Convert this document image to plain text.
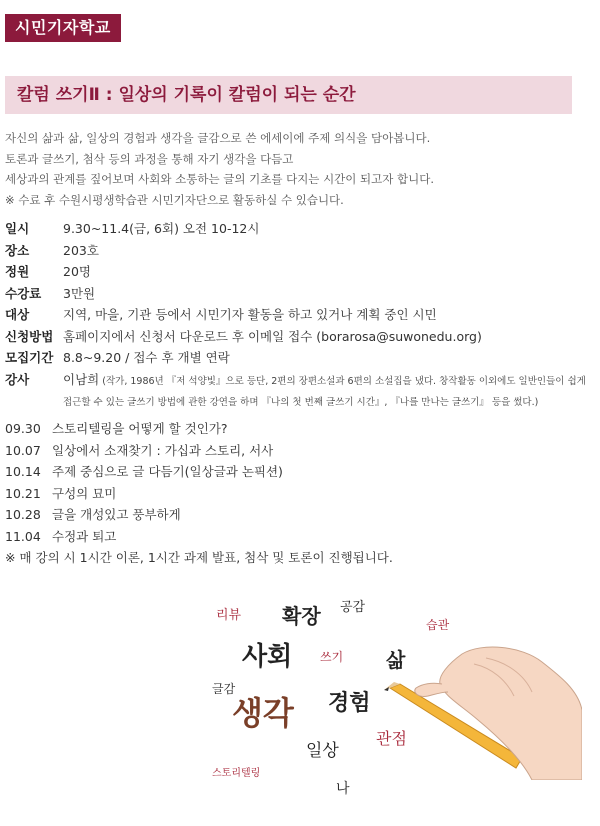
시민기자학교
칼럼 쓰기Ⅱ : 일상의 기록이 칼럼이 되는 순간
자신의 삶과 삶, 일상의 경험과 생각을 글감으로 쓴 에세이에 주제 의식을 담아봅니다.
토론과 글쓰기, 첨삭 등의 과정을 통해 자기 생각을 다듬고
세상과의 관계를 짚어보며 사회와 소통하는 글의 기초를 다지는 시간이 되고자 합니다.
※ 수료 후 수원시평생학습관 시민기자단으로 활동하실 수 있습니다.
일시	9.30~11.4(금, 6회) 오전 10-12시
장소	203호
정원	20명
수강료 3만원
대상	지역, 마을, 기관 등에서 시민기자 활동을 하고 있거나 계획 중인 시민
신청방법 홈페이지에서 신청서 다운로드 후 이메일 접수 (borarosa@suwonedu.org)
모집기간 8.8~9.20 / 접수 후 개별 연락
강사	이남희 (작가, 1986년 『저 석양빛』으로 등단, 2편의 장편소설과 6편의 소설집을 냈다. 창작활동 이외에도 일반인들이 쉽게
접근할 수 있는 글쓰기 방법에 관한 강연을 하며 『나의 첫 번째 글쓰기 시간』, 『나를 만나는 글쓰기』 등을 썼다.)
09.30 스토리텔링을 어떻게 할 것인가?
10.07 일상에서 소재찾기 : 가십과 스토리, 서사
10.14 주제 중심으로 글 다듬기(일상글과 논픽션)
10.21 구성의 묘미
10.28 글을 개성있고 풍부하게
11.04 수정과 퇴고
※ 매 강의 시 1시간 이론, 1시간 과제 발표, 첨삭 및 토론이 진행됩니다.
리뷰 확장 공감
습관
사회 쓰기 삶
글감
생각 경험
관점
일상
스토리텔링
나
